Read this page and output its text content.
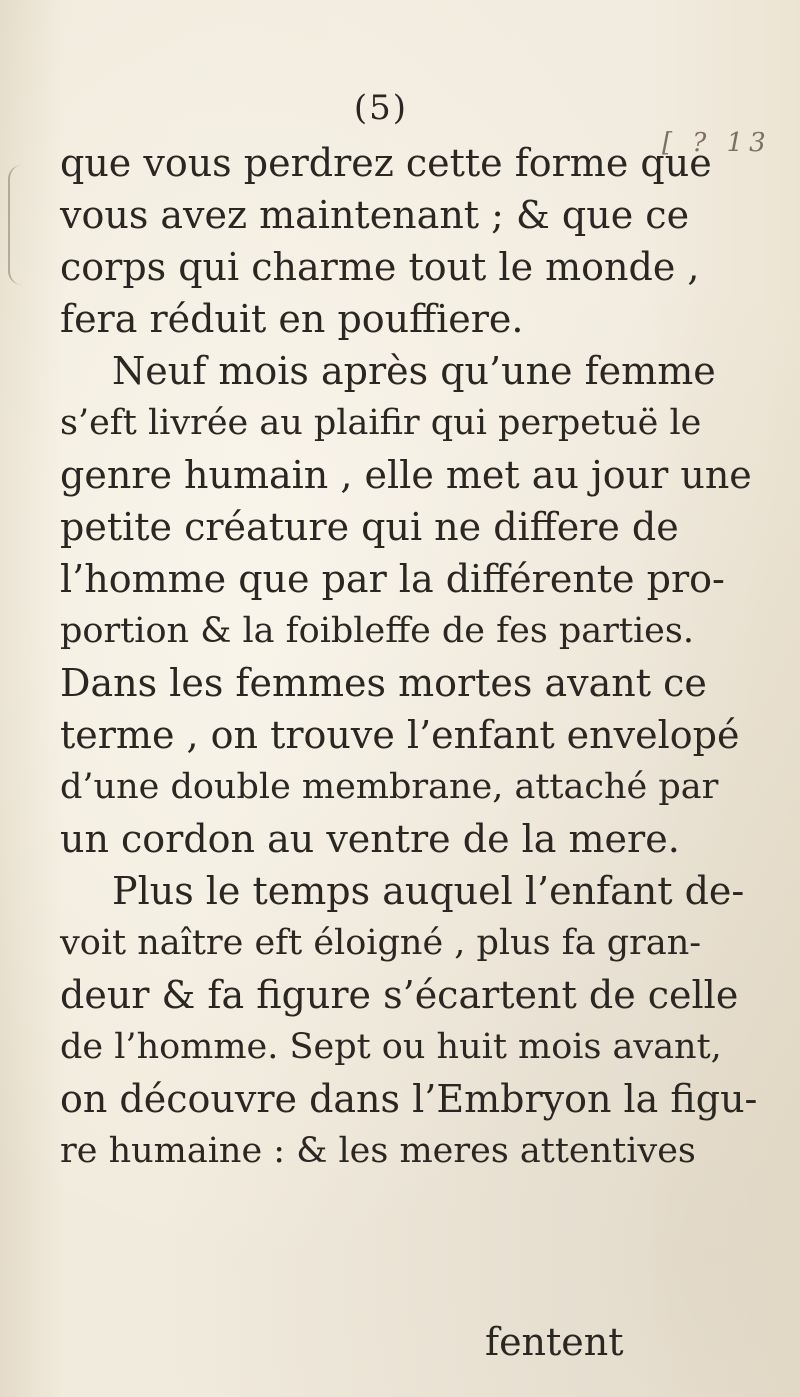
(5)
[ ? 13
que vous perdrez cette forme que
vous avez maintenant ; & que ce
corps qui charme tout le monde ,
fera réduit en pouffiere.
Neuf mois après qu’une femme
s’eft livrée au plaifir qui perpetuë le
genre humain , elle met au jour une
petite créature qui ne differe de
l’homme que par la différente pro-
portion & la foibleffe de fes parties.
Dans les femmes mortes avant ce
terme , on trouve l’enfant envelopé
d’une double membrane, attaché par
un cordon au ventre de la mere.
Plus le temps auquel l’enfant de-
voit naître eft éloigné , plus fa gran-
deur & fa figure s’écartent de celle
de l’homme. Sept ou huit mois avant,
on découvre dans l’Embryon la figu-
re humaine : & les meres attentives
fentent
